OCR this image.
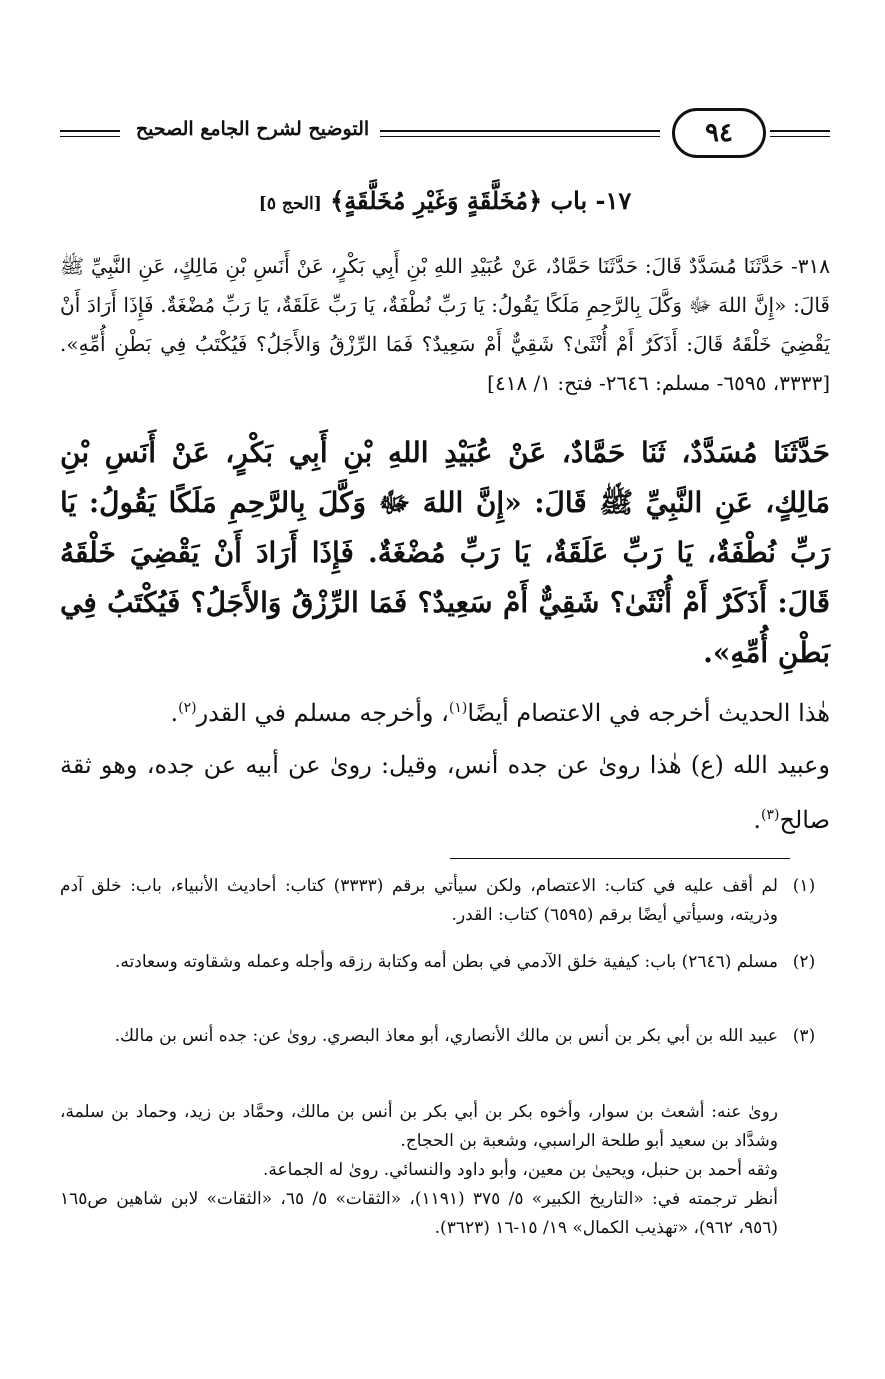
التوضيح لشرح الجامع الصحيح	٩٤
١٧- باب ﴿مُخَلَّقَةٍ وَغَيْرِ مُخَلَّقَةٍ﴾ [الحج ٥]

٣١٨- حَدَّثَنَا مُسَدَّدٌ قَالَ: حَدَّثَنَا حَمَّادٌ، عَنْ عُبَيْدِ اللهِ بْنِ أَبِي بَكْرٍ، عَنْ أَنَسِ بْنِ مَالِكٍ، عَنِ النَّبِيِّ ﷺ قَالَ: «إِنَّ اللهَ ﷻ وَكَّلَ بِالرَّحِمِ مَلَكًا يَقُولُ: يَا رَبِّ نُطْفَةٌ، يَا رَبِّ عَلَقَةٌ، يَا رَبِّ مُضْغَةٌ. فَإِذَا أَرَادَ أَنْ يَقْضِيَ خَلْقَهُ قَالَ: أَذَكَرٌ أَمْ أُنْثَىٰ؟ شَقِيٌّ أَمْ سَعِيدٌ؟ فَمَا الرِّزْقُ وَالأَجَلُ؟ فَيُكْتَبُ فِي بَطْنِ أُمِّهِ». [٣٣٣٣، ٦٥٩٥- مسلم: ٢٦٤٦- فتح: ١/ ٤١٨]

حَدَّثَنَا مُسَدَّدٌ، ثَنَا حَمَّادٌ، عَنْ عُبَيْدِ اللهِ بْنِ أَبِي بَكْرٍ، عَنْ أَنَسِ بْنِ مَالِكٍ، عَنِ النَّبِيِّ ﷺ قَالَ: «إِنَّ اللهَ ﷻ وَكَّلَ بِالرَّحِمِ مَلَكًا يَقُولُ: يَا رَبِّ نُطْفَةٌ، يَا رَبِّ عَلَقَةٌ، يَا رَبِّ مُضْغَةٌ. فَإِذَا أَرَادَ أَنْ يَقْضِيَ خَلْقَهُ قَالَ: أَذَكَرٌ أَمْ أُنْثَىٰ؟ شَقِيٌّ أَمْ سَعِيدٌ؟ فَمَا الرِّزْقُ وَالأَجَلُ؟ فَيُكْتَبُ فِي بَطْنِ أُمِّهِ».

هٰذا الحديث أخرجه في الاعتصام أيضًا$^{(١)}$، وأخرجه مسلم في القدر$^{(٢)}$.

وعبيد الله (ع) هٰذا روىٰ عن جده أنس، وقيل: روىٰ عن أبيه عن جده، وهو ثقة صالح$^{(٣)}$.

(١)
لم أقف عليه في كتاب: الاعتصام، ولكن سيأتي برقم (٣٣٣٣) كتاب: أحاديث الأنبياء، باب: خلق آدم وذريته، وسيأتي أيضًا برقم (٦٥٩٥) كتاب: القدر.
(٢)
مسلم (٢٦٤٦) باب: كيفية خلق الآدمي في بطن أمه وكتابة رزقه وأجله وعمله وشقاوته وسعادته.
(٣)
عبيد الله بن أبي بكر بن أنس بن مالك الأنصاري، أبو معاذ البصري. روىٰ عن: جده أنس بن مالك.
روىٰ عنه: أشعث بن سوار، وأخوه بكر بن أبي بكر بن أنس بن مالك، وحمَّاد بن زيد، وحماد بن سلمة، وشدَّاد بن سعيد أبو طلحة الراسبي، وشعبة بن الحجاج.
وثقه أحمد بن حنبل، ويحيىٰ بن معين، وأبو داود والنسائي. روىٰ له الجماعة.
أنظر ترجمته في: «التاريخ الكبير» ٥/ ٣٧٥ (١١٩١)، «الثقات» ٥/ ٦٥، «الثقات» لابن شاهين ص١٦٥ (٩٥٦، ٩٦٢)، «تهذيب الكمال» ١٩/ ١٥-١٦ (٣٦٢٣).
